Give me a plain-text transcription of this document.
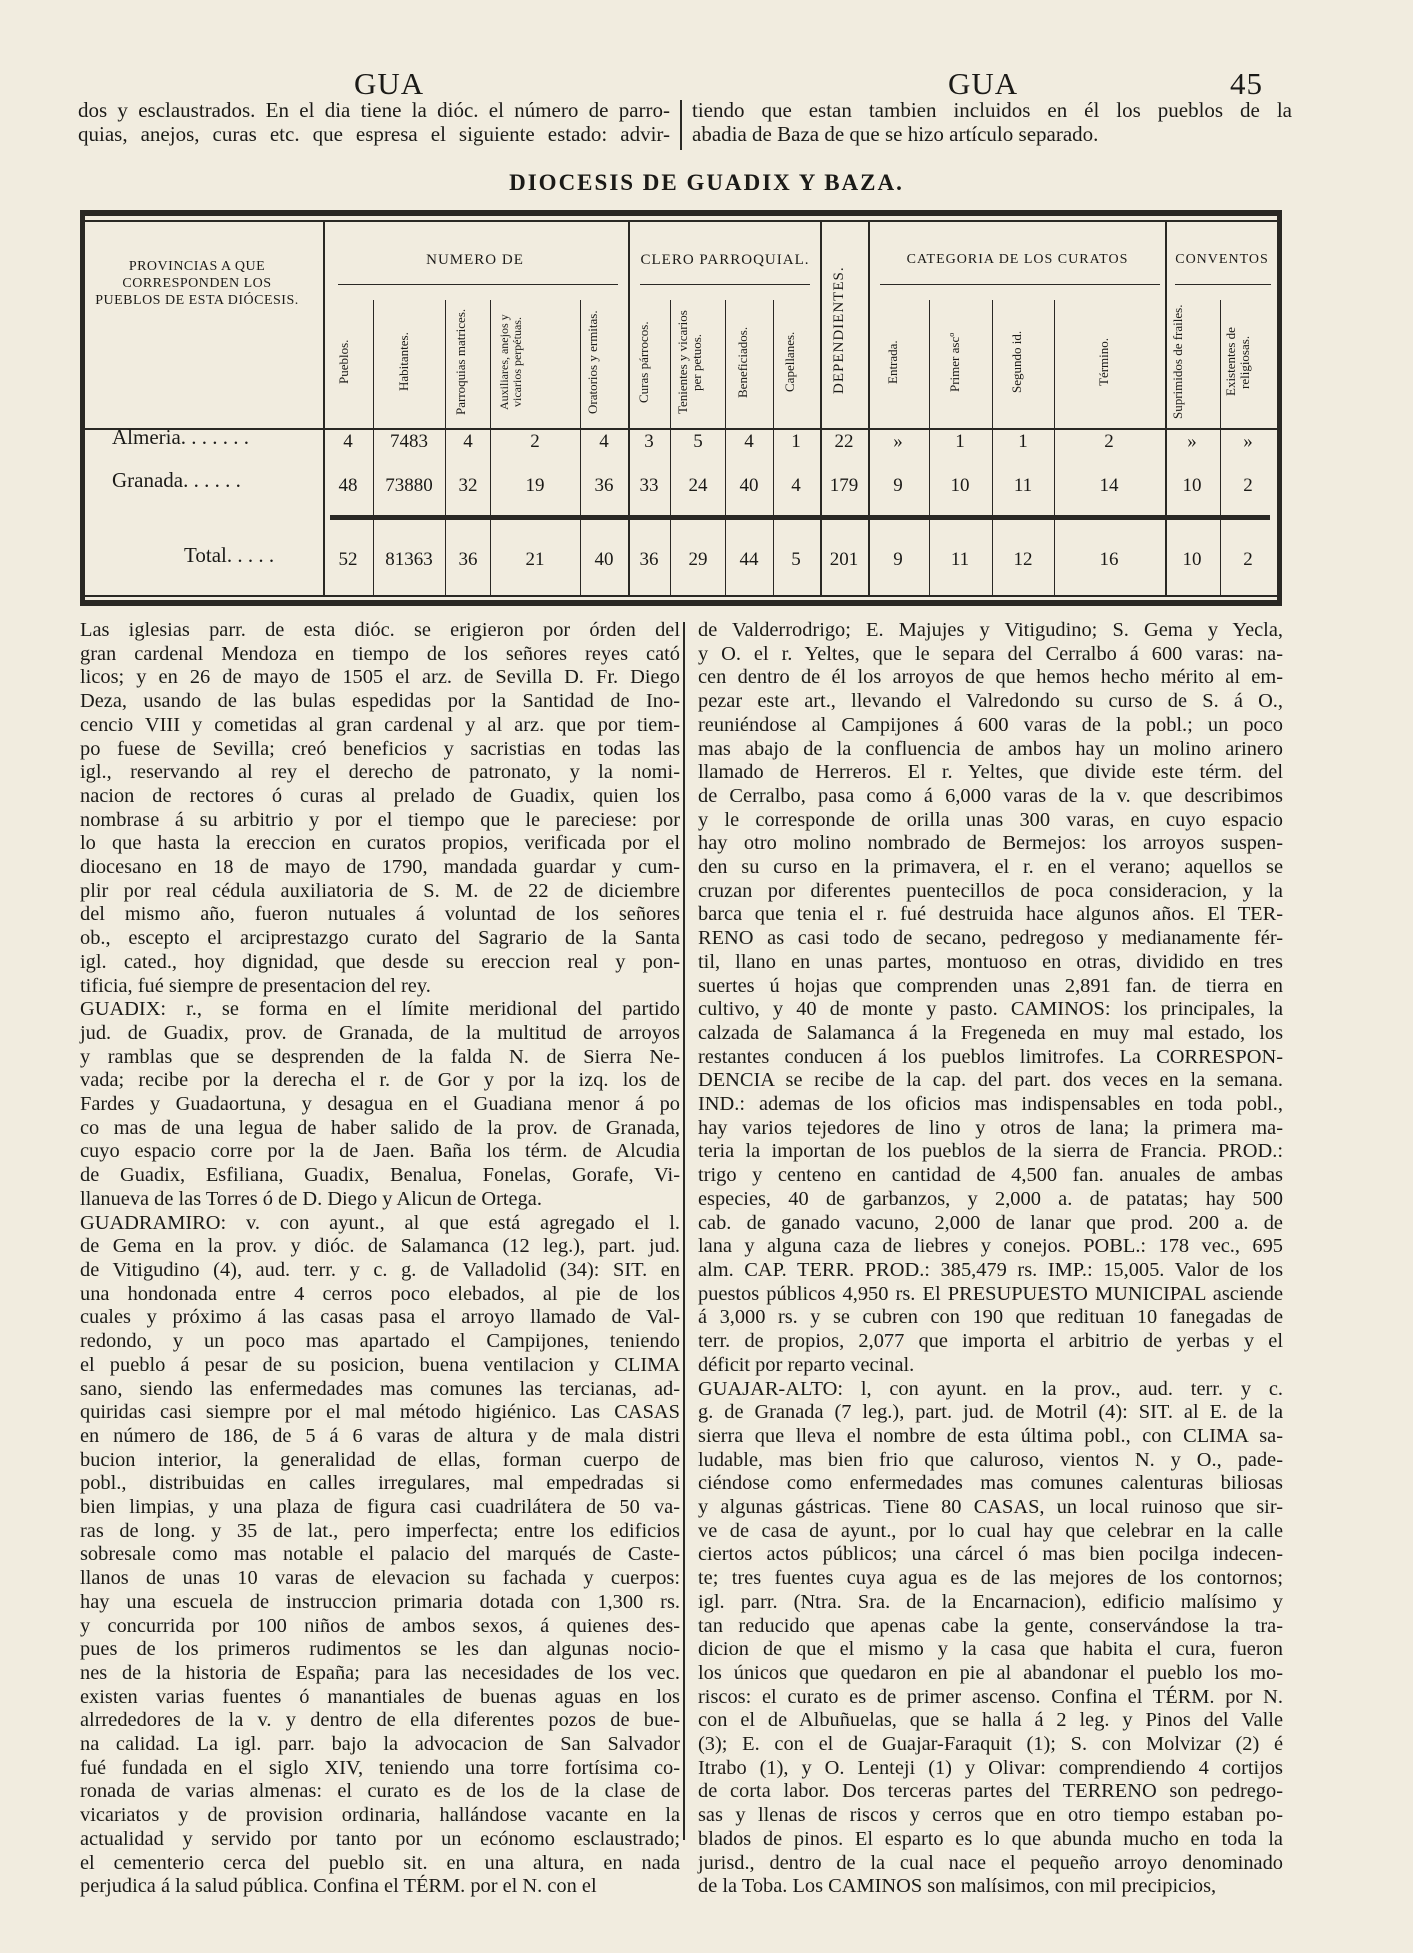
GUA	GUA	45
dos y esclaustrados. En el dia tiene la dióc. el número de parro-
quias, anejos, curas etc. que espresa el siguiente estado: advir-
tiendo que estan tambien incluidos en él los pueblos de la
abadia de Baza de que se hizo artículo separado.
DIOCESIS DE GUADIX Y BAZA.
PROVINCIAS A QUE CORRESPONDEN LOS PUEBLOS DE ESTA DIÓCESIS.
NUMERO DE	CLERO PARROQUIAL.
DEPENDIENTES.
CATEGORIA DE LOS CURATOS	CONVENTOS
Pueblos.	Habitantes.	Parroquias matrices.	Auxiliares, anejos y vicarios perpétuas.	Oratorios y ermitas.	Curas párrocos.	Tenientes y vicarios per petuos.	Beneficiados.	Capellanes.	Entrada.	Primer ascº	Segundo id.	Término.	Suprimidos de frailes.	Existentes de religiosas.
Almeria. . . . . . .
Granada. . . . . .
Total. . . . .
4	7483	4	2	4	3	5	4	1	22	»	1	1	2	»	»
48	73880	32	19	36	33	24	40	4	179	9	10	11	14	10	2
52	81363	36	21	40	36	29	44	5	201	9	11	12	16	10	2
Las iglesias parr. de esta dióc. se erigieron por órden del
gran cardenal Mendoza en tiempo de los señores reyes cató
licos; y en 26 de mayo de 1505 el arz. de Sevilla D. Fr. Diego
Deza, usando de las bulas espedidas por la Santidad de Ino-
cencio VIII y cometidas al gran cardenal y al arz. que por tiem-
po fuese de Sevilla; creó beneficios y sacristias en todas las
igl., reservando al rey el derecho de patronato, y la nomi-
nacion de rectores ó curas al prelado de Guadix, quien los
nombrase á su arbitrio y por el tiempo que le pareciese: por
lo que hasta la ereccion en curatos propios, verificada por el
diocesano en 18 de mayo de 1790, mandada guardar y cum-
plir por real cédula auxiliatoria de S. M. de 22 de diciembre
del mismo año, fueron nutuales á voluntad de los señores
ob., escepto el arciprestazgo curato del Sagrario de la Santa
igl. cated., hoy dignidad, que desde su ereccion real y pon-
tificia, fué siempre de presentacion del rey.
GUADIX: r., se forma en el límite meridional del partido
jud. de Guadix, prov. de Granada, de la multitud de arroyos
y ramblas que se desprenden de la falda N. de Sierra Ne-
vada; recibe por la derecha el r. de Gor y por la izq. los de
Fardes y Guadaortuna, y desagua en el Guadiana menor á po
co mas de una legua de haber salido de la prov. de Granada,
cuyo espacio corre por la de Jaen. Baña los térm. de Alcudia
de Guadix, Esfiliana, Guadix, Benalua, Fonelas, Gorafe, Vi-
llanueva de las Torres ó de D. Diego y Alicun de Ortega.
GUADRAMIRO: v. con ayunt., al que está agregado el l.
de Gema en la prov. y dióc. de Salamanca (12 leg.), part. jud.
de Vitigudino (4), aud. terr. y c. g. de Valladolid (34): SIT. en
una hondonada entre 4 cerros poco elebados, al pie de los
cuales y próximo á las casas pasa el arroyo llamado de Val-
redondo, y un poco mas apartado el Campijones, teniendo
el pueblo á pesar de su posicion, buena ventilacion y CLIMA
sano, siendo las enfermedades mas comunes las tercianas, ad-
quiridas casi siempre por el mal método higiénico. Las CASAS
en número de 186, de 5 á 6 varas de altura y de mala distri
bucion interior, la generalidad de ellas, forman cuerpo de
pobl., distribuidas en calles irregulares, mal empedradas si
bien limpias, y una plaza de figura casi cuadrilátera de 50 va-
ras de long. y 35 de lat., pero imperfecta; entre los edificios
sobresale como mas notable el palacio del marqués de Caste-
llanos de unas 10 varas de elevacion su fachada y cuerpos:
hay una escuela de instruccion primaria dotada con 1,300 rs.
y concurrida por 100 niños de ambos sexos, á quienes des-
pues de los primeros rudimentos se les dan algunas nocio-
nes de la historia de España; para las necesidades de los vec.
existen varias fuentes ó manantiales de buenas aguas en los
alrrededores de la v. y dentro de ella diferentes pozos de bue-
na calidad. La igl. parr. bajo la advocacion de San Salvador
fué fundada en el siglo XIV, teniendo una torre fortísima co-
ronada de varias almenas: el curato es de los de la clase de
vicariatos y de provision ordinaria, hallándose vacante en la
actualidad y servido por tanto por un ecónomo esclaustrado;
el cementerio cerca del pueblo sit. en una altura, en nada
perjudica á la salud pública. Confina el TÉRM. por el N. con el
de Valderrodrigo; E. Majujes y Vitigudino; S. Gema y Yecla,
y O. el r. Yeltes, que le separa del Cerralbo á 600 varas: na-
cen dentro de él los arroyos de que hemos hecho mérito al em-
pezar este art., llevando el Valredondo su curso de S. á O.,
reuniéndose al Campijones á 600 varas de la pobl.; un poco
mas abajo de la confluencia de ambos hay un molino arinero
llamado de Herreros. El r. Yeltes, que divide este térm. del
de Cerralbo, pasa como á 6,000 varas de la v. que describimos
y le corresponde de orilla unas 300 varas, en cuyo espacio
hay otro molino nombrado de Bermejos: los arroyos suspen-
den su curso en la primavera, el r. en el verano; aquellos se
cruzan por diferentes puentecillos de poca consideracion, y la
barca que tenia el r. fué destruida hace algunos años. El TER-
RENO as casi todo de secano, pedregoso y medianamente fér-
til, llano en unas partes, montuoso en otras, dividido en tres
suertes ú hojas que comprenden unas 2,891 fan. de tierra en
cultivo, y 40 de monte y pasto. CAMINOS: los principales, la
calzada de Salamanca á la Fregeneda en muy mal estado, los
restantes conducen á los pueblos limitrofes. La CORRESPON-
DENCIA se recibe de la cap. del part. dos veces en la semana.
IND.: ademas de los oficios mas indispensables en toda pobl.,
hay varios tejedores de lino y otros de lana; la primera ma-
teria la importan de los pueblos de la sierra de Francia. PROD.:
trigo y centeno en cantidad de 4,500 fan. anuales de ambas
especies, 40 de garbanzos, y 2,000 a. de patatas; hay 500
cab. de ganado vacuno, 2,000 de lanar que prod. 200 a. de
lana y alguna caza de liebres y conejos. POBL.: 178 vec., 695
alm. CAP. TERR. PROD.: 385,479 rs. IMP.: 15,005. Valor de los
puestos públicos 4,950 rs. El PRESUPUESTO MUNICIPAL asciende
á 3,000 rs. y se cubren con 190 que redituan 10 fanegadas de
terr. de propios, 2,077 que importa el arbitrio de yerbas y el
déficit por reparto vecinal.
GUAJAR-ALTO: l, con ayunt. en la prov., aud. terr. y c.
g. de Granada (7 leg.), part. jud. de Motril (4): SIT. al E. de la
sierra que lleva el nombre de esta última pobl., con CLIMA sa-
ludable, mas bien frio que caluroso, vientos N. y O., pade-
ciéndose como enfermedades mas comunes calenturas biliosas
y algunas gástricas. Tiene 80 CASAS, un local ruinoso que sir-
ve de casa de ayunt., por lo cual hay que celebrar en la calle
ciertos actos públicos; una cárcel ó mas bien pocilga indecen-
te; tres fuentes cuya agua es de las mejores de los contornos;
igl. parr. (Ntra. Sra. de la Encarnacion), edificio malísimo y
tan reducido que apenas cabe la gente, conservándose la tra-
dicion de que el mismo y la casa que habita el cura, fueron
los únicos que quedaron en pie al abandonar el pueblo los mo-
riscos: el curato es de primer ascenso. Confina el TÉRM. por N.
con el de Albuñuelas, que se halla á 2 leg. y Pinos del Valle
(3); E. con el de Guajar-Faraquit (1); S. con Molvizar (2) é
Itrabo (1), y O. Lenteji (1) y Olivar: comprendiendo 4 cortijos
de corta labor. Dos terceras partes del TERRENO son pedrego-
sas y llenas de riscos y cerros que en otro tiempo estaban po-
blados de pinos. El esparto es lo que abunda mucho en toda la
jurisd., dentro de la cual nace el pequeño arroyo denominado
de la Toba. Los CAMINOS son malísimos, con mil precipicios,
